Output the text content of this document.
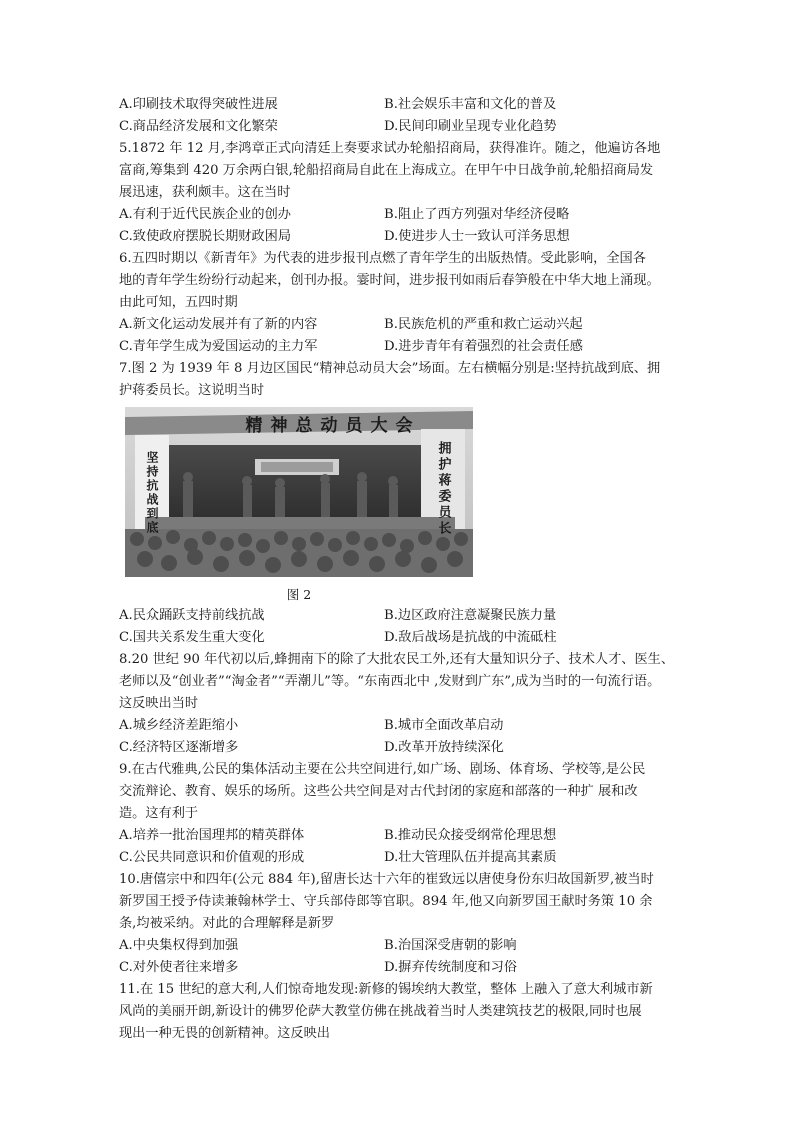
A.印刷技术取得突破性进展	B.社会娱乐丰富和文化的普及
C.商品经济发展和文化繁荣	D.民间印刷业呈现专业化趋势
5.1872 年 12 月,李鸿章正式向清廷上奏要求试办轮船招商局，获得准许。随之，他遍访各地
富商,筹集到 420 万余两白银,轮船招商局自此在上海成立。在甲午中日战争前,轮船招商局发
展迅速，获利颇丰。这在当时
A.有利于近代民族企业的创办	B.阻止了西方列强对华经济侵略
C.致使政府摆脱长期财政困局	D.使进步人士一致认可洋务思想
6.五四时期以《新青年》为代表的进步报刊点燃了青年学生的出版热情。受此影响，全国各
地的青年学生纷纷行动起来，创刊办报。霎时间，进步报刊如雨后春笋般在中华大地上涌现。
由此可知，五四时期
A.新文化运动发展并有了新的内容	B.民族危机的严重和救亡运动兴起
C.青年学生成为爱国运动的主力军	D.进步青年有着强烈的社会责任感
7.图 2 为 1939 年 8 月边区国民“精神总动员大会”场面。左右横幅分别是:坚持抗战到底、拥
护蒋委员长。这说明当时
精神总动员大会
坚持抗战到底	拥护蒋委员长
图 2
A.民众踊跃支持前线抗战	B.边区政府注意凝聚民族力量
C.国共关系发生重大变化	D.敌后战场是抗战的中流砥柱
8.20 世纪 90 年代初以后,蜂拥南下的除了大批农民工外,还有大量知识分子、技术人才、医生、
老师以及“创业者”“淘金者”“弄潮儿”等。“东南西北中 ,发财到广东”,成为当时的一句流行语。
这反映出当时
A.城乡经济差距缩小	B.城市全面改革启动
C.经济特区逐渐增多	D.改革开放持续深化
9.在古代雅典,公民的集体活动主要在公共空间进行,如广场、剧场、体育场、学校等,是公民
交流辩论、教育、娱乐的场所。这些公共空间是对古代封闭的家庭和部落的一种扩 展和改
造。这有利于
A.培养一批治国理邦的精英群体	B.推动民众接受纲常伦理思想
C.公民共同意识和价值观的形成	D.壮大管理队伍并提高其素质
10.唐僖宗中和四年(公元 884 年),留唐长达十六年的崔致远以唐使身份东归故国新罗,被当时
新罗国王授予侍读兼翰林学士、守兵部侍郎等官职。894 年,他又向新罗国王献时务策 10 余
条,均被采纳。对此的合理解释是新罗
A.中央集权得到加强	B.治国深受唐朝的影响
C.对外使者往来增多	D.摒弃传统制度和习俗
11.在 15 世纪的意大利,人们惊奇地发现:新修的锡埃纳大教堂，整体 上融入了意大利城市新
风尚的美丽开朗,新设计的佛罗伦萨大教堂仿佛在挑战着当时人类建筑技艺的极限,同时也展
现出一种无畏的创新精神。这反映出
